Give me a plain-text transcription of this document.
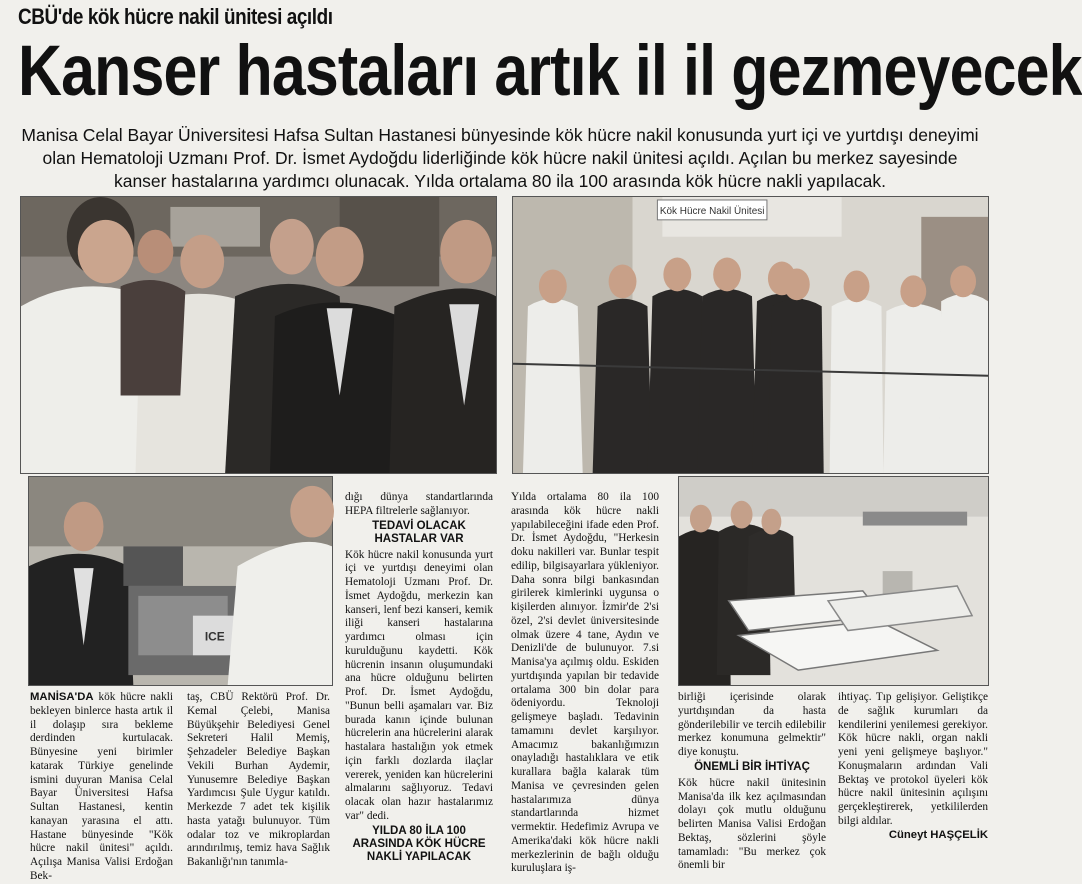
CBÜ'de kök hücre nakil ünitesi açıldı
Kanser hastaları artık il il gezmeyecek
Manisa Celal Bayar Üniversitesi Hafsa Sultan Hastanesi bünyesinde kök hücre nakil konusunda yurt içi ve yurtdışı deneyimi olan Hematoloji Uzmanı Prof. Dr. İsmet Aydoğdu liderliğinde kök hücre nakil ünitesi açıldı. Açılan bu merkez sayesinde kanser hastalarına yardımcı olunacak. Yılda ortalama 80 ila 100 arasında kök hücre nakli yapılacak.
Kök Hücre Nakil Ünitesi
ICE

MANİSA'DA kök hücre nakli bekleyen binlerce hasta artık il il dolaşıp sıra bekleme derdinden kurtulacak. Bünyesine yeni birimler katarak Türkiye genelinde ismini duyuran Manisa Celal Bayar Üniversitesi Hafsa Sultan Hastanesi, kentin kanayan yarasına el attı. Hastane bünyesinde "Kök hücre nakil ünitesi" açıldı. Açılışa Manisa Valisi Erdoğan Bek-

taş, CBÜ Rektörü Prof. Dr. Kemal Çelebi, Manisa Büyükşehir Belediyesi Genel Sekreteri Halil Memiş, Şehzadeler Belediye Başkan Vekili Burhan Aydemir, Yunusemre Belediye Başkan Yardımcısı Şule Uygur katıldı. Merkezde 7 adet tek kişilik hasta yatağı bulunuyor. Tüm odalar toz ve mikroplardan arındırılmış, temiz hava Sağlık Bakanlığı'nın tanımla-

dığı dünya standartlarında HEPA filtrelerle sağlanıyor.

TEDAVİ OLACAK HASTALAR VAR

Kök hücre nakil konusunda yurt içi ve yurtdışı deneyimi olan Hematoloji Uzmanı Prof. Dr. İsmet Aydoğdu, merkezin kan kanseri, lenf bezi kanseri, kemik iliği kanseri hastalarına yardımcı olması için kurulduğunu kaydetti. Kök hücrenin insanın oluşumundaki ana hücre olduğunu belirten Prof. Dr. İsmet Aydoğdu, "Bunun belli aşamaları var. Biz burada kanın içinde bulunan hücrelerin ana hücrelerini alarak hastalara hastalığın yok etmek için farklı dozlarda ilaçlar vererek, yeniden kan hücrelerini almalarını sağlıyoruz. Tedavi olacak olan hazır hastalarımız var" dedi.

YILDA 80 İLA 100 ARASINDA KÖK HÜCRE NAKLİ YAPILACAK

Yılda ortalama 80 ila 100 arasında kök hücre nakli yapılabileceğini ifade eden Prof. Dr. İsmet Aydoğdu, "Herkesin doku nakilleri var. Bunlar tespit edilip, bilgisayarlara yükleniyor. Daha sonra bilgi bankasından girilerek kimlerinki uygunsa o kişilerden alınıyor. İzmir'de 2'si özel, 2'si devlet üniversitesinde olmak üzere 4 tane, Aydın ve Denizli'de de bulunuyor. 7.si Manisa'ya açılmış oldu. Eskiden yurtdışında yapılan bir tedavide ortalama 300 bin dolar para ödeniyordu. Teknoloji gelişmeye başladı. Tedavinin tamamını devlet karşılıyor. Amacımız bakanlığımızın onayladığı hastalıklara ve etik kurallara bağla kalarak tüm Manisa ve çevresinden gelen hastalarımıza dünya standartlarında hizmet vermektir. Hedefimiz Avrupa ve Amerika'daki kök hücre nakli merkezlerinin de bağlı olduğu kuruluşlara iş-

birliği içerisinde olarak yurtdışından da hasta gönderilebilir ve tercih edilebilir merkez konumuna gelmektir" diye konuştu.

ÖNEMLİ BİR İHTİYAÇ

Kök hücre nakil ünitesinin Manisa'da ilk kez açılmasından dolayı çok mutlu olduğunu belirten Manisa Valisi Erdoğan Bektaş, sözlerini şöyle tamamladı: "Bu merkez çok önemli bir

ihtiyaç. Tıp gelişiyor. Geliştikçe de sağlık kurumları da kendilerini yenilemesi gerekiyor. Kök hücre nakli, organ nakli yeni yeni gelişmeye başlıyor." Konuşmaların ardından Vali Bektaş ve protokol üyeleri kök hücre nakil ünitesinin açılışını gerçekleştirerek, yetkililerden bilgi aldılar.

Cüneyt HAŞÇELİK
